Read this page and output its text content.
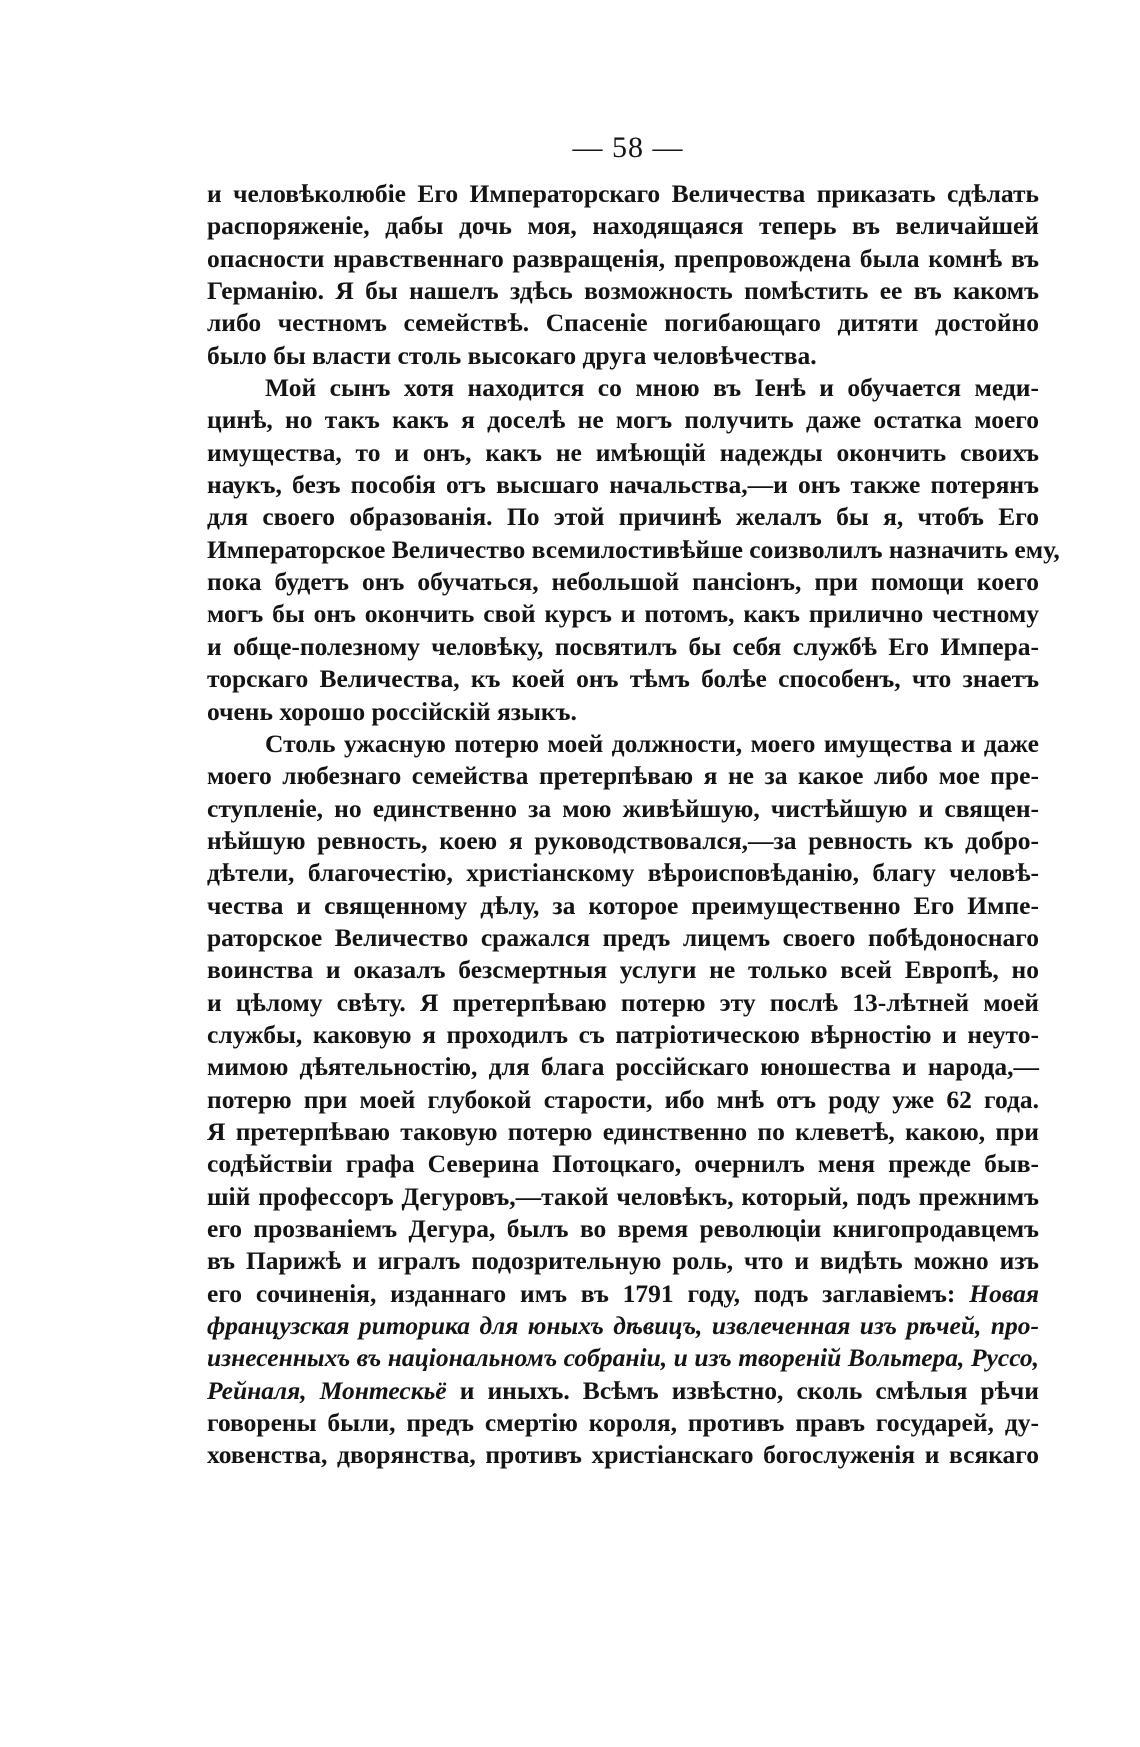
— 58 —

и человѣколюбіе Его Императорскаго Величества приказать сдѣлать
распоряженіе, дабы дочь моя, находящаяся теперь въ величайшей
опасности нравственнаго развращенія, препровождена была комнѣ въ
Германію. Я бы нашелъ здѣсь возможность помѣстить ее въ какомъ
либо честномъ семействѣ. Спасеніе погибающаго дитяти достойно
было бы власти столь высокаго друга человѣчества.

Мой сынъ хотя находится со мною въ Іенѣ и обучается меди-
цинѣ, но такъ какъ я доселѣ не могъ получить даже остатка моего
имущества, то и онъ, какъ не имѣющій надежды окончить своихъ
наукъ, безъ пособія отъ высшаго начальства,—и онъ также потерянъ
для своего образованія. По этой причинѣ желалъ бы я, чтобъ Его
Императорское Величество всемилостивѣйше соизволилъ назначить ему,
пока будетъ онъ обучаться, небольшой пансіонъ, при помощи коего
могъ бы онъ окончить свой курсъ и потомъ, какъ прилично честному
и обще-полезному человѣку, посвятилъ бы себя службѣ Его Импера-
торскаго Величества, къ коей онъ тѣмъ болѣе способенъ, что знаетъ
очень хорошо россійскій языкъ.

Столь ужасную потерю моей должности, моего имущества и даже
моего любезнаго семейства претерпѣваю я не за какое либо мое пре-
ступленіе, но единственно за мою живѣйшую, чистѣйшую и священ-
нѣйшую ревность, коею я руководствовался,—за ревность къ добро-
дѣтели, благочестію, христіанскому вѣроисповѣданію, благу человѣ-
чества и священному дѣлу, за которое преимущественно Его Импе-
раторское Величество сражался предъ лицемъ своего побѣдоноснаго
воинства и оказалъ безсмертныя услуги не только всей Европѣ, но
и цѣлому свѣту. Я претерпѣваю потерю эту послѣ 13-лѣтней моей
службы, каковую я проходилъ съ патріотическою вѣрностію и неуто-
мимою дѣятельностію, для блага россійскаго юношества и народа,—
потерю при моей глубокой старости, ибо мнѣ отъ роду уже 62 года.
Я претерпѣваю таковую потерю единственно по клеветѣ, какою, при
содѣйствіи графа Северина Потоцкаго, очернилъ меня прежде быв-
шій профессоръ Дегуровъ,—такой человѣкъ, который, подъ прежнимъ
его прозваніемъ Дегура, былъ во время революціи книгопродавцемъ
въ Парижѣ и игралъ подозрительную роль, что и видѣть можно изъ
его сочиненія, изданнаго имъ въ 1791 году, подъ заглавіемъ: Новая
французская риторика для юныхъ дѣвицъ, извлеченная изъ рѣчей, про-
изнесенныхъ въ національномъ собраніи, и изъ твореній Вольтера, Руссо,
Рейналя, Монтескьё и иныхъ. Всѣмъ извѣстно, сколь смѣлыя рѣчи
говорены были, предъ смертію короля, противъ правъ государей, ду-
ховенства, дворянства, противъ христіанскаго богослуженія и всякаго
